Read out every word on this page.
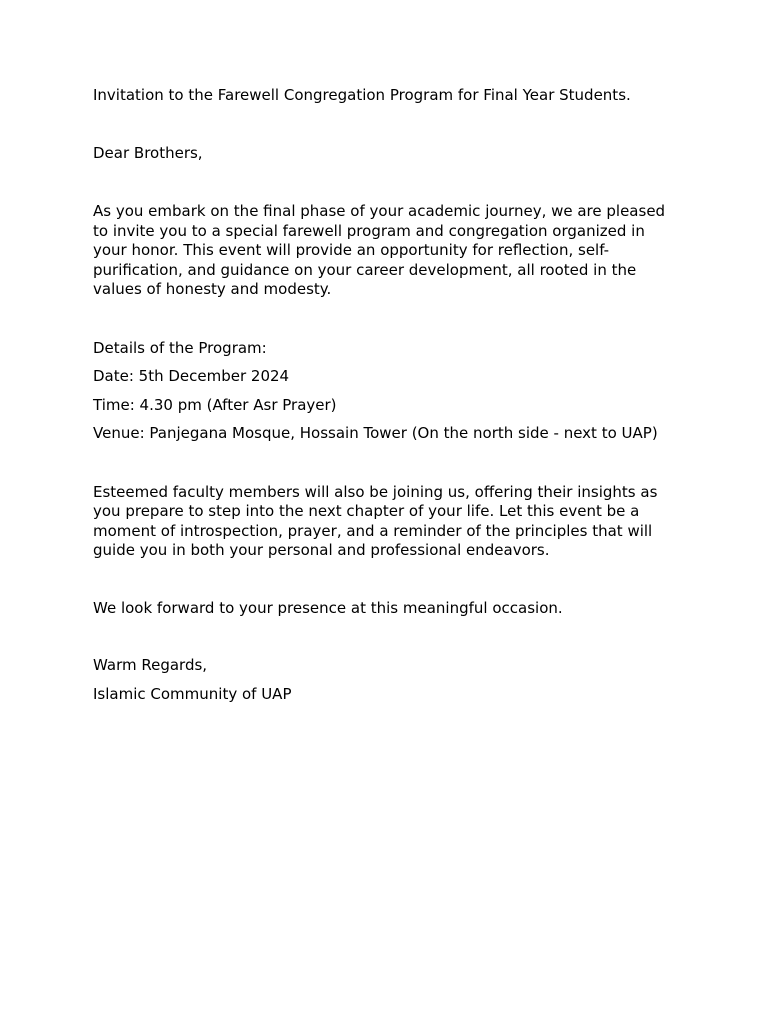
Invitation to the Farewell Congregation Program for Final Year Students.

Dear Brothers,

As you embark on the final phase of your academic journey, we are pleased to invite you to a special farewell program and congregation organized in your honor. This event will provide an opportunity for reflection, self-purification, and guidance on your career development, all rooted in the values of honesty and modesty.

Details of the Program:

Date: 5th December 2024

Time: 4.30 pm (After Asr Prayer)

Venue: Panjegana Mosque, Hossain Tower (On the north side - next to UAP)

Esteemed faculty members will also be joining us, offering their insights as you prepare to step into the next chapter of your life. Let this event be a moment of introspection, prayer, and a reminder of the principles that will guide you in both your personal and professional endeavors.

We look forward to your presence at this meaningful occasion.

Warm Regards,

Islamic Community of UAP
